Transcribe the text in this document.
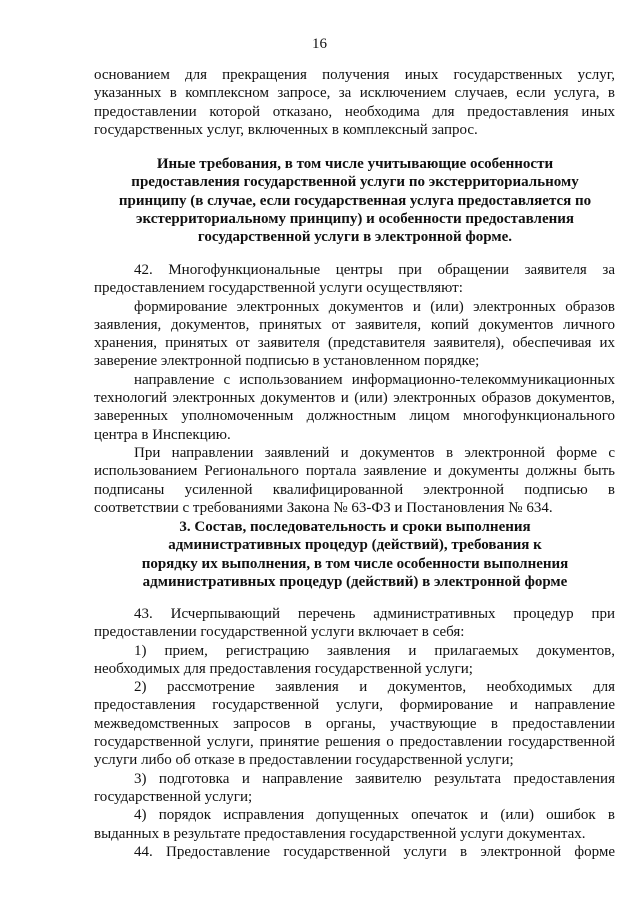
16

основанием для прекращения получения иных государственных услуг, указанных в комплексном запросе, за исключением случаев, если услуга, в предоставлении которой отказано, необходима для предоставления иных государственных услуг, включенных в комплексный запрос.

Иные требования, в том числе учитывающие особенности

предоставления государственной услуги по экстерриториальному

принципу (в случае, если государственная услуга предоставляется по

экстерриториальному принципу) и особенности предоставления

государственной услуги в электронной форме.

42. Многофункциональные центры при обращении заявителя за предоставлением государственной услуги осуществляют:

формирование электронных документов и (или) электронных образов заявления, документов, принятых от заявителя, копий документов личного хранения, принятых от заявителя (представителя заявителя), обеспечивая их заверение электронной подписью в установленном порядке;

направление с использованием информационно-телекоммуникационных технологий электронных документов и (или) электронных образов документов, заверенных уполномоченным должностным лицом многофункционального центра в Инспекцию.

При направлении заявлений и документов в электронной форме с использованием Регионального портала заявление и документы должны быть подписаны усиленной квалифицированной электронной подписью в соответствии с требованиями Закона № 63-ФЗ и Постановления № 634.

3. Состав, последовательность и сроки выполнения

административных процедур (действий), требования к

порядку их выполнения, в том числе особенности выполнения

административных процедур (действий) в электронной форме

43. Исчерпывающий перечень административных процедур при предоставлении государственной услуги включает в себя:

1) прием, регистрацию заявления и прилагаемых документов, необходимых для предоставления государственной услуги;

2) рассмотрение заявления и документов, необходимых для предоставления государственной услуги, формирование и направление межведомственных запросов в органы, участвующие в предоставлении государственной услуги, принятие решения о предоставлении государственной услуги либо об отказе в предоставлении государственной услуги;

3) подготовка и направление заявителю результата предоставления государственной услуги;

4) порядок исправления допущенных опечаток и (или) ошибок в выданных в результате предоставления государственной услуги документах.

44. Предоставление государственной услуги в электронной форме
